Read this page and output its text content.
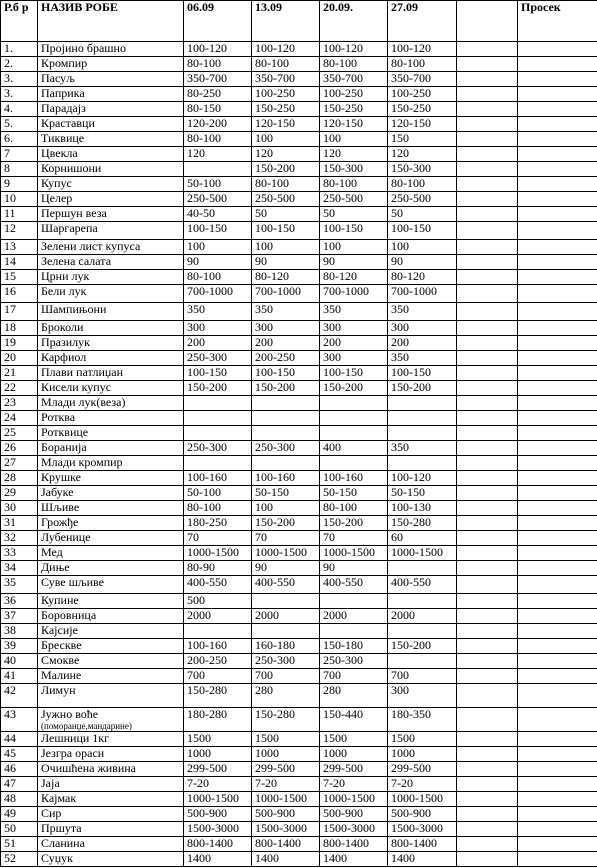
Р.б р	НАЗИВ РОБЕ	06.09	13.09	20.09.	27.09		Просек
1.	Пројино брашно	100-120	100-120	100-120	100-120		
2.	Кромпир	80-100	80-100	80-100	80-100		
3.	Пасуљ	350-700	350-700	350-700	350-700		
3.	Паприка	80-250	100-250	100-250	100-250		
4.	Парадајз	80-150	150-250	150-250	150-250		
5.	Краставци	120-200	120-150	120-150	120-150		
6.	Тиквице	80-100	100	100	150		
7	Цвекла	120	120	120	120		
8	Корнишони		150-200	150-300	150-300		
9	Купус	50-100	80-100	80-100	80-100		
10	Целер	250-500	250-500	250-500	250-500		
11	Першун веза	40-50	50	50	50		
12	Шаргарепа	100-150	100-150	100-150	100-150		
13	Зелени лист купуса	100	100	100	100		
14	Зелена салата	90	90	90	90		
15	Црни лук	80-100	80-120	80-120	80-120		
16	Бели лук	700-1000	700-1000	700-1000	700-1000		
17	Шампињони	350	350	350	350		
18	Броколи	300	300	300	300		
19	Празилук	200	200	200	200		
20	Карфиол	250-300	200-250	300	350		
21	Плави патлиџан	100-150	100-150	100-150	100-150		
22	Кисели купус	150-200	150-200	150-200	150-200		
23	Млади лук(веза)						
24	Ротква						
25	Ротквице						
26	Боранија	250-300	250-300	400	350		
27	Млади кромпир						
28	Крушке	100-160	100-160	100-160	100-120		
29	Јабуке	50-100	50-150	50-150	50-150		
30	Шљиве	80-100	100	80-100	100-130		
31	Грожђе	180-250	150-200	150-200	150-280		
32	Лубенице	70	70	70	60		
33	Мед	1000-1500	1000-1500	1000-1500	1000-1500		
34	Диње	80-90	90	90			
35	Суве шљиве	400-550	400-550	400-550	400-550		
36	Купине	500					
37	Боровница	2000	2000	2000	2000		
38	Кајсије						
39	Брескве	100-160	160-180	150-180	150-200		
40	Смокве	200-250	250-300	250-300			
41	Малине	700	700	700	700		
42	Лимун	150-280	280	280	300		
43	Јужно воће
(поморанџе,мандарине)	180-280	150-280	150-440	180-350		
44	Лешници 1кг	1500	1500	1500	1500		
45	Језгра ораси	1000	1000	1000	1000		
46	Очишћена живина	299-500	299-500	299-500	299-500		
47	Јаја	7-20	7-20	7-20	7-20		
48	Кајмак	1000-1500	1000-1500	1000-1500	1000-1500		
49	Сир	500-900	500-900	500-900	500-900		
50	Пршута	1500-3000	1500-3000	1500-3000	1500-3000		
51	Сланина	800-1400	800-1400	800-1400	800-1400		
52	Суџук	1400	1400	1400	1400		
